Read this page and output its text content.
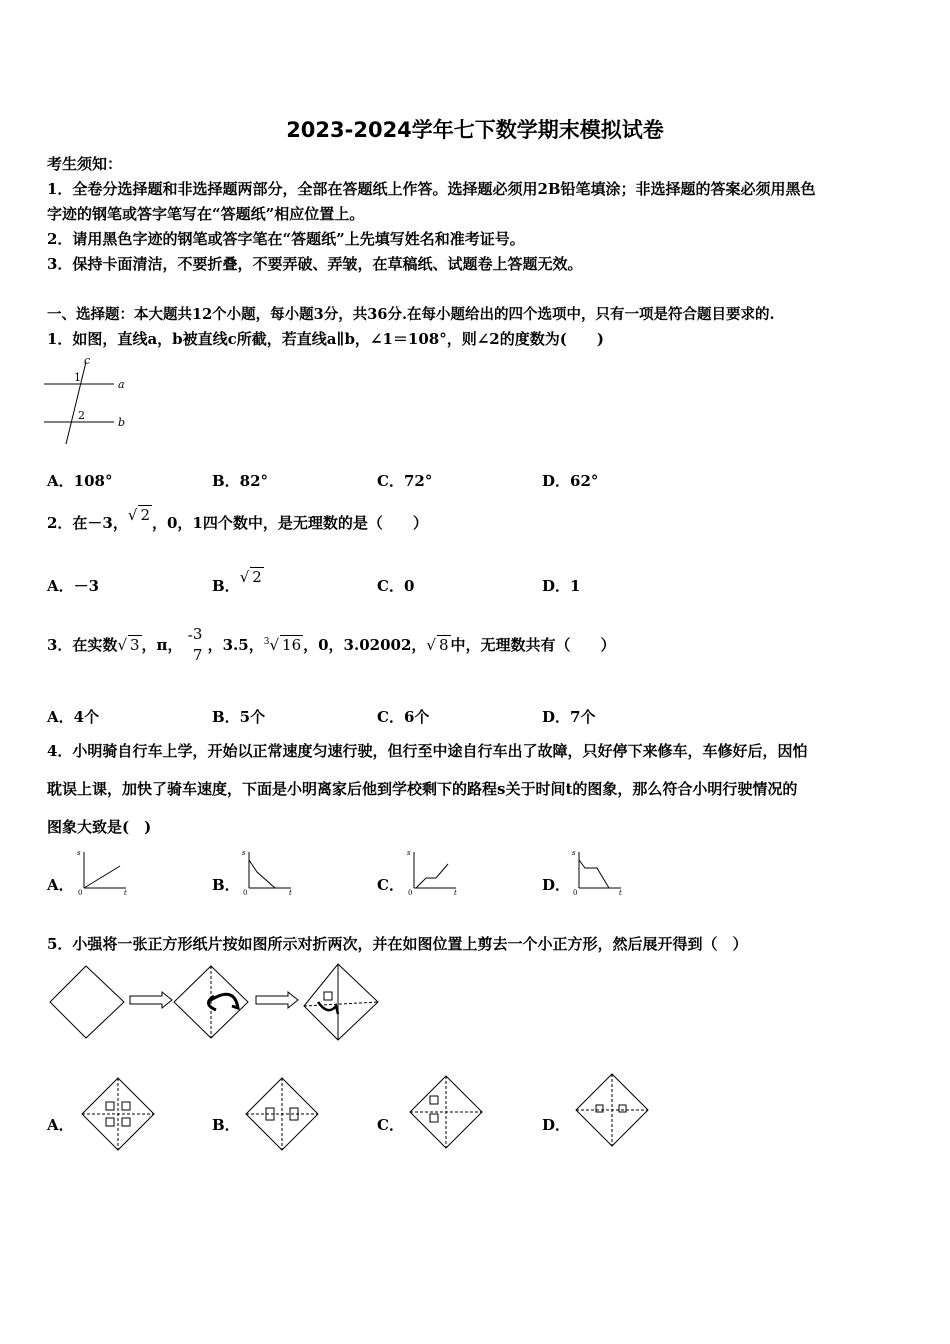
2023-2024学年七下数学期末模拟试卷
考生须知：
1．全卷分选择题和非选择题两部分，全部在答题纸上作答。选择题必须用2B铅笔填涂；非选择题的答案必须用黑色
字迹的钢笔或答字笔写在“答题纸”相应位置上。
2．请用黑色字迹的钢笔或答字笔在“答题纸”上先填写姓名和准考证号。
3．保持卡面清洁，不要折叠，不要弄破、弄皱，在草稿纸、试题卷上答题无效。
一、选择题：本大题共12个小题，每小题3分，共36分.在每小题给出的四个选项中，只有一项是符合题目要求的.
1．如图，直线a，b被直线c所截，若直线a∥b，∠1＝108°，则∠2的度数为(　　)
c
a
b
1
2
A．108°	B．82°	C．72°	D．62°
2．在－3，√ 2 ，0，1四个数中，是无理数的是（　　）
A．－3	B．√ 2	C．0	D．1
3．在实数√ 3 ，π， - 3
7
，3.5，$^3$√ 16 ，0，3.02002，√ 8 中，无理数共有（　　）
A．4个	B．5个	C．6个	D．7个
4．小明骑自行车上学，开始以正常速度匀速行驶，但行至中途自行车出了故障，只好停下来修车，车修好后，因怕
耽误上课，加快了骑车速度，下面是小明离家后他到学校剩下的路程s关于时间t的图象，那么符合小明行驶情况的
图象大致是(　)
A．	B．	C．	D．
s
t
0
s
t
0
s
t
0
s
t
0
5．小强将一张正方形纸片按如图所示对折两次，并在如图位置上剪去一个小正方形，然后展开得到（　）
A．	B．	C．	D．
